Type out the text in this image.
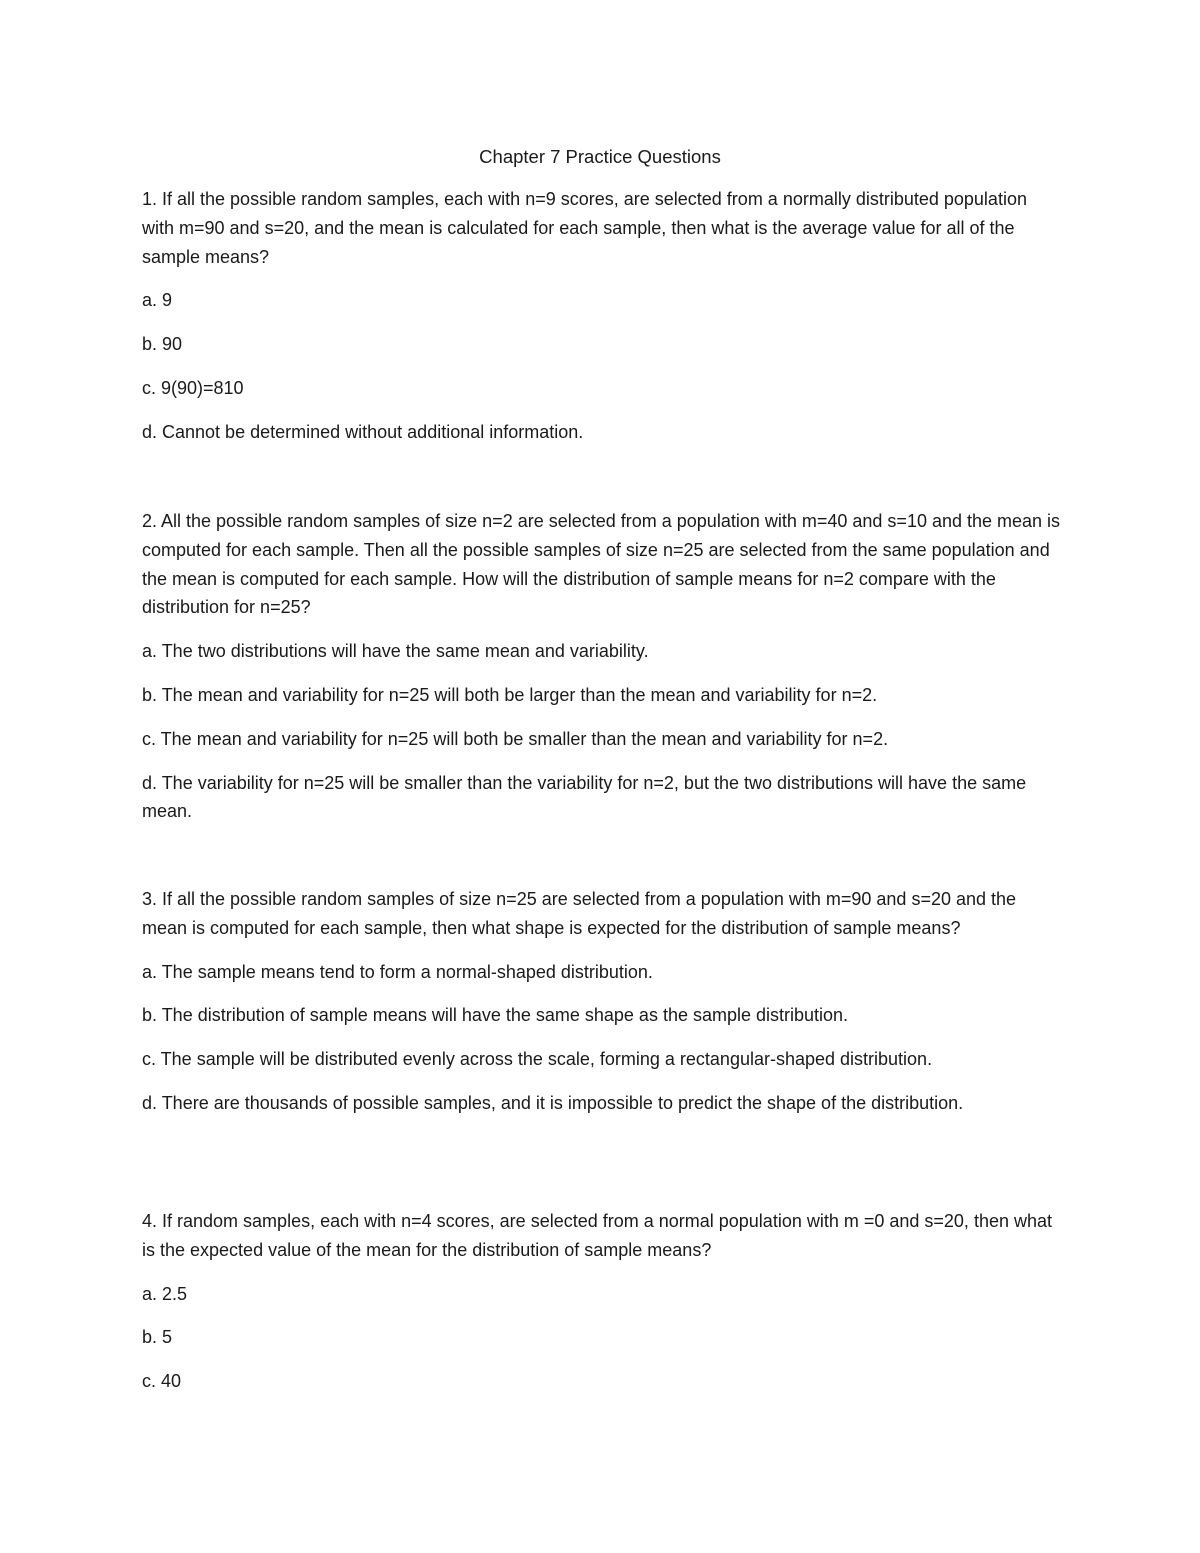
Chapter 7 Practice Questions

1. If all the possible random samples, each with n=9 scores, are selected from a normally distributed population with m=90 and s=20, and the mean is calculated for each sample, then what is the average value for all of the sample means?

a. 9

b. 90

c. 9(90)=810

d. Cannot be determined without additional information.

2. All the possible random samples of size n=2 are selected from a population with m=40 and s=10 and the mean is computed for each sample. Then all the possible samples of size n=25 are selected from the same population and the mean is computed for each sample. How will the distribution of sample means for n=2 compare with the distribution for n=25?

a. The two distributions will have the same mean and variability.

b. The mean and variability for n=25 will both be larger than the mean and variability for n=2.

c. The mean and variability for n=25 will both be smaller than the mean and variability for n=2.

d. The variability for n=25 will be smaller than the variability for n=2, but the two distributions will have the same mean.

3. If all the possible random samples of size n=25 are selected from a population with m=90 and s=20 and the mean is computed for each sample, then what shape is expected for the distribution of sample means?

a. The sample means tend to form a normal-shaped distribution.

b. The distribution of sample means will have the same shape as the sample distribution.

c. The sample will be distributed evenly across the scale, forming a rectangular-shaped distribution.

d. There are thousands of possible samples, and it is impossible to predict the shape of the distribution.

4. If random samples, each with n=4 scores, are selected from a normal population with m =0 and s=20, then what is the expected value of the mean for the distribution of sample means?

a. 2.5

b. 5

c. 40
